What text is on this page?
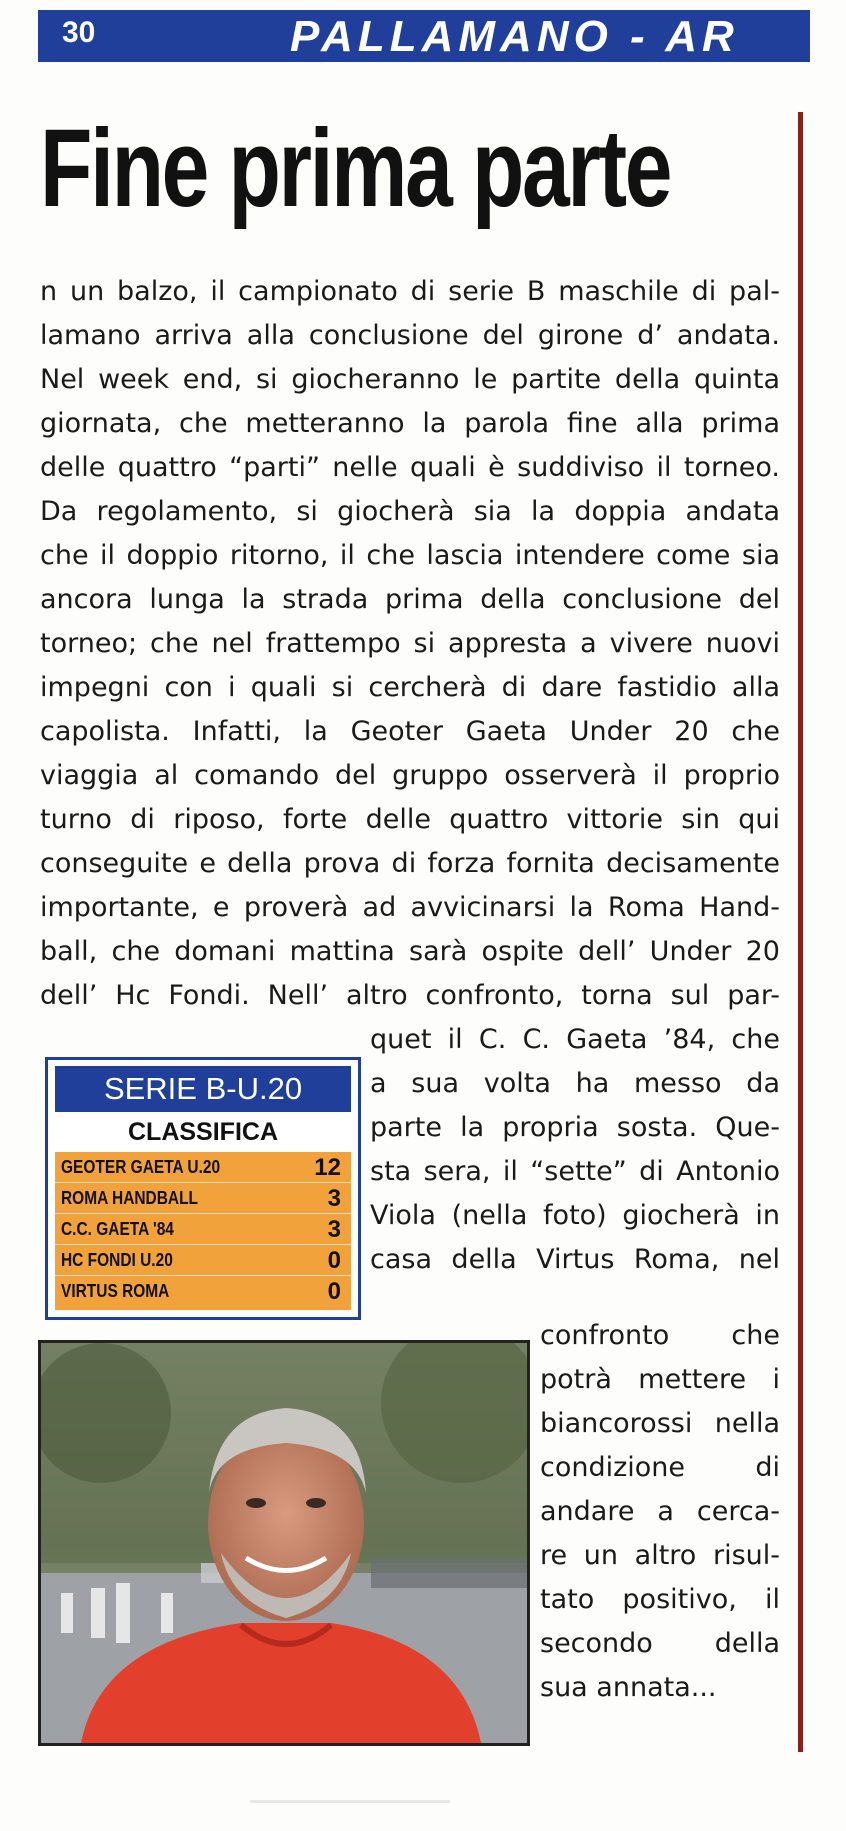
30	PALLAMANO - AR
Fine prima parte
n un balzo, il campionato di serie B maschile di pal-
lamano arriva alla conclusione del girone d’ andata.
Nel week end, si giocheranno le partite della quinta
giornata, che metteranno la parola fine alla prima
delle quattro “parti” nelle quali è suddiviso il torneo.
Da regolamento, si giocherà sia la doppia andata
che il doppio ritorno, il che lascia intendere come sia
ancora lunga la strada prima della conclusione del
torneo; che nel frattempo si appresta a vivere nuovi
impegni con i quali si cercherà di dare fastidio alla
capolista. Infatti, la Geoter Gaeta Under 20 che
viaggia al comando del gruppo osserverà il proprio
turno di riposo, forte delle quattro vittorie sin qui
conseguite e della prova di forza fornita decisamente
importante, e proverà ad avvicinarsi la Roma Hand-
ball, che domani mattina sarà ospite dell’ Under 20
dell’ Hc Fondi. Nell’ altro confronto, torna sul par-
quet il C. C. Gaeta ’84, che
a sua volta ha messo da
parte la propria sosta. Que-
sta sera, il “sette” di Antonio
Viola (nella foto) giocherà in
casa della Virtus Roma, nel
confronto che
potrà mettere i
biancorossi nella
condizione di
andare a cerca-
re un altro risul-
tato positivo, il
secondo della
sua annata...
SERIE B-U.20
CLASSIFICA
GEOTER GAETA U.20	12
ROMA HANDBALL	3
C.C. GAETA '84	3
HC FONDI U.20	0
VIRTUS ROMA	0
